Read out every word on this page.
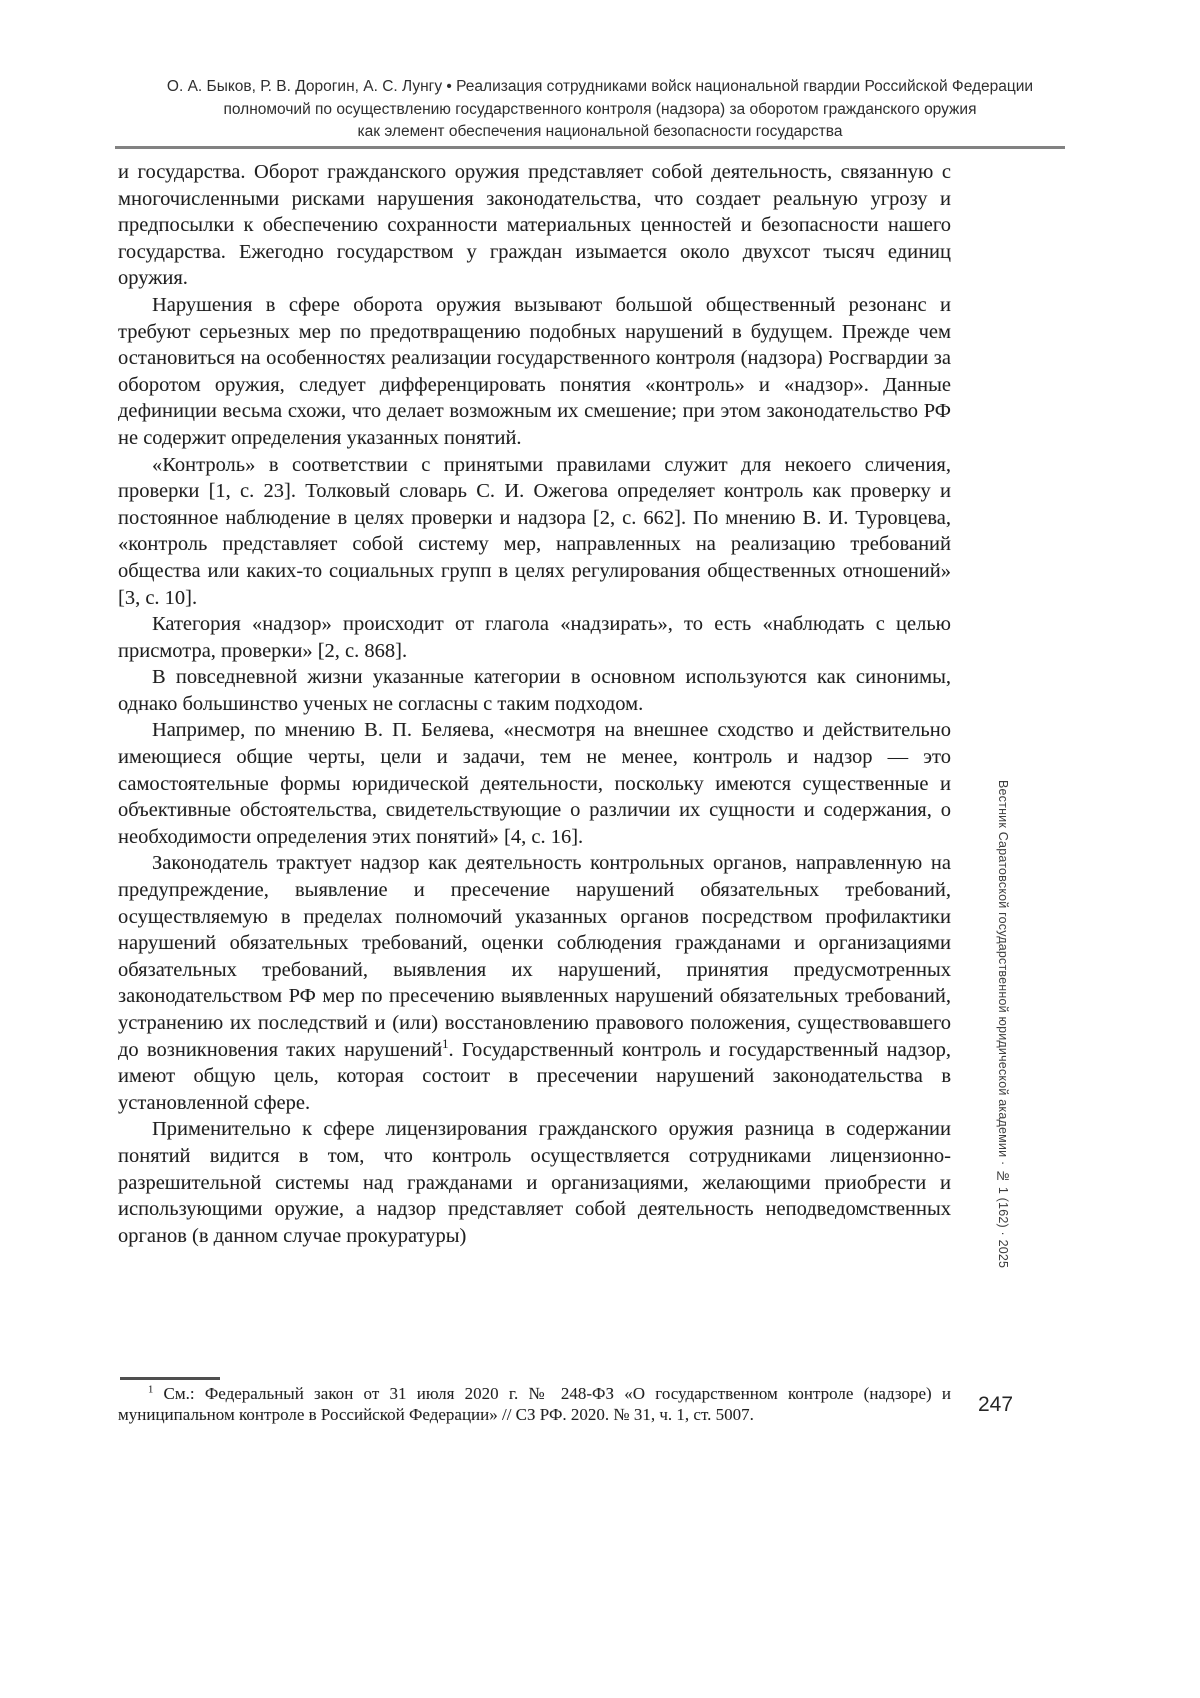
О. А. Быков, Р. В. Дорогин, А. С. Лунгу • Реализация сотрудниками войск национальной гвардии Российской Федерации
полномочий по осуществлению государственного контроля (надзора) за оборотом гражданского оружия
как элемент обеспечения национальной безопасности государства

и государства. Оборот гражданского оружия представляет собой деятельность, связанную с многочисленными рисками нарушения законодательства, что создает реальную угрозу и предпосылки к обеспечению сохранности материальных ценностей и безопасности нашего государства. Ежегодно государством у граждан изымается около двухсот тысяч единиц оружия.

Нарушения в сфере оборота оружия вызывают большой общественный резонанс и требуют серьезных мер по предотвращению подобных нарушений в будущем. Прежде чем остановиться на особенностях реализации государственного контроля (надзора) Росгвардии за оборотом оружия, следует дифференцировать понятия «контроль» и «надзор». Данные дефиниции весьма схожи, что делает возможным их смешение; при этом законодательство РФ не содержит определения указанных понятий.

«Контроль» в соответствии с принятыми правилами служит для некоего сличения, проверки [1, с. 23]. Толковый словарь С. И. Ожегова определяет контроль как проверку и постоянное наблюдение в целях проверки и надзора [2, с. 662]. По мнению В. И. Туровцева, «контроль представляет собой систему мер, направленных на реализацию требований общества или каких-то социальных групп в целях регулирования общественных отношений» [3, с. 10].

Категория «надзор» происходит от глагола «надзирать», то есть «наблюдать с целью присмотра, проверки» [2, с. 868].

В повседневной жизни указанные категории в основном используются как синонимы, однако большинство ученых не согласны с таким подходом.

Например, по мнению В. П. Беляева, «несмотря на внешнее сходство и действительно имеющиеся общие черты, цели и задачи, тем не менее, контроль и надзор — это самостоятельные формы юридической деятельности, поскольку имеются существенные и объективные обстоятельства, свидетельствующие о различии их сущности и содержания, о необходимости определения этих понятий» [4, с. 16].

Законодатель трактует надзор как деятельность контрольных органов, направленную на предупреждение, выявление и пресечение нарушений обязательных требований, осуществляемую в пределах полномочий указанных органов посредством профилактики нарушений обязательных требований, оценки соблюдения гражданами и организациями обязательных требований, выявления их нарушений, принятия предусмотренных законодательством РФ мер по пресечению выявленных нарушений обязательных требований, устранению их последствий и (или) восстановлению правового положения, существовавшего до возникновения таких нарушений$^1$. Государственный контроль и государственный надзор, имеют общую цель, которая состоит в пресечении нарушений законодательства в установленной сфере.

Применительно к сфере лицензирования гражданского оружия разница в содержании понятий видится в том, что контроль осуществляется сотрудниками лицензионно-разрешительной системы над гражданами и организациями, желающими приобрести и использующими оружие, а надзор представляет собой деятельность неподведомственных органов (в данном случае прокуратуры)

$^1$ См.: Федеральный закон от 31 июля 2020 г. № 248-ФЗ «О государственном контроле (надзоре) и муниципальном контроле в Российской Федерации» // СЗ РФ. 2020. № 31, ч. 1, ст. 5007.
Вестник Саратовской государственной юридической академии · № 1 (162) · 2025
247
